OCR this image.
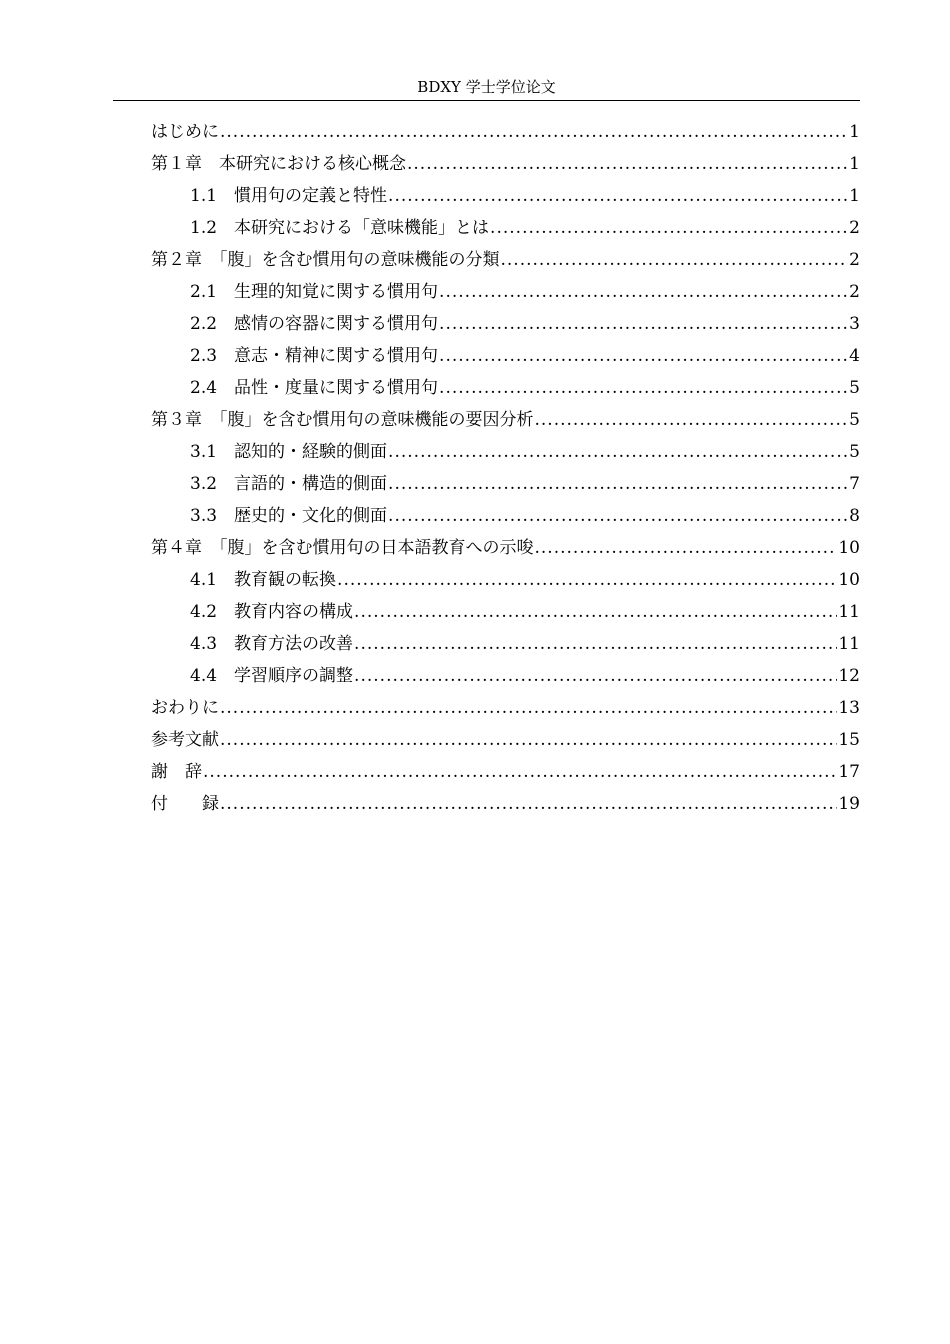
BDXY 学士学位论文
はじめに .....	1
第１章　本研究における核心概念 .....	1
1.1　慣用句の定義と特性 .....	1
1.2　本研究における「意味機能」とは .....	2
第２章　「腹」を含む慣用句の意味機能の分類 .....	2
2.1　生理的知覚に関する慣用句 .....	2
2.2　感情の容器に関する慣用句 .....	3
2.3　意志・精神に関する慣用句 .....	4
2.4　品性・度量に関する慣用句 .....	5
第３章　「腹」を含む慣用句の意味機能の要因分析 .....	5
3.1　認知的・経験的側面 .....	5
3.2　言語的・構造的側面 .....	7
3.3　歴史的・文化的側面 .....	8
第４章　「腹」を含む慣用句の日本語教育への示唆 .....	10
4.1　教育観の転換 .....	10
4.2　教育内容の構成 .....	11
4.3　教育方法の改善 .....	11
4.4　学習順序の調整 .....	12
おわりに .....	13
参考文献 .....	15
謝　辞 .....	17
付　　録 .....	19
